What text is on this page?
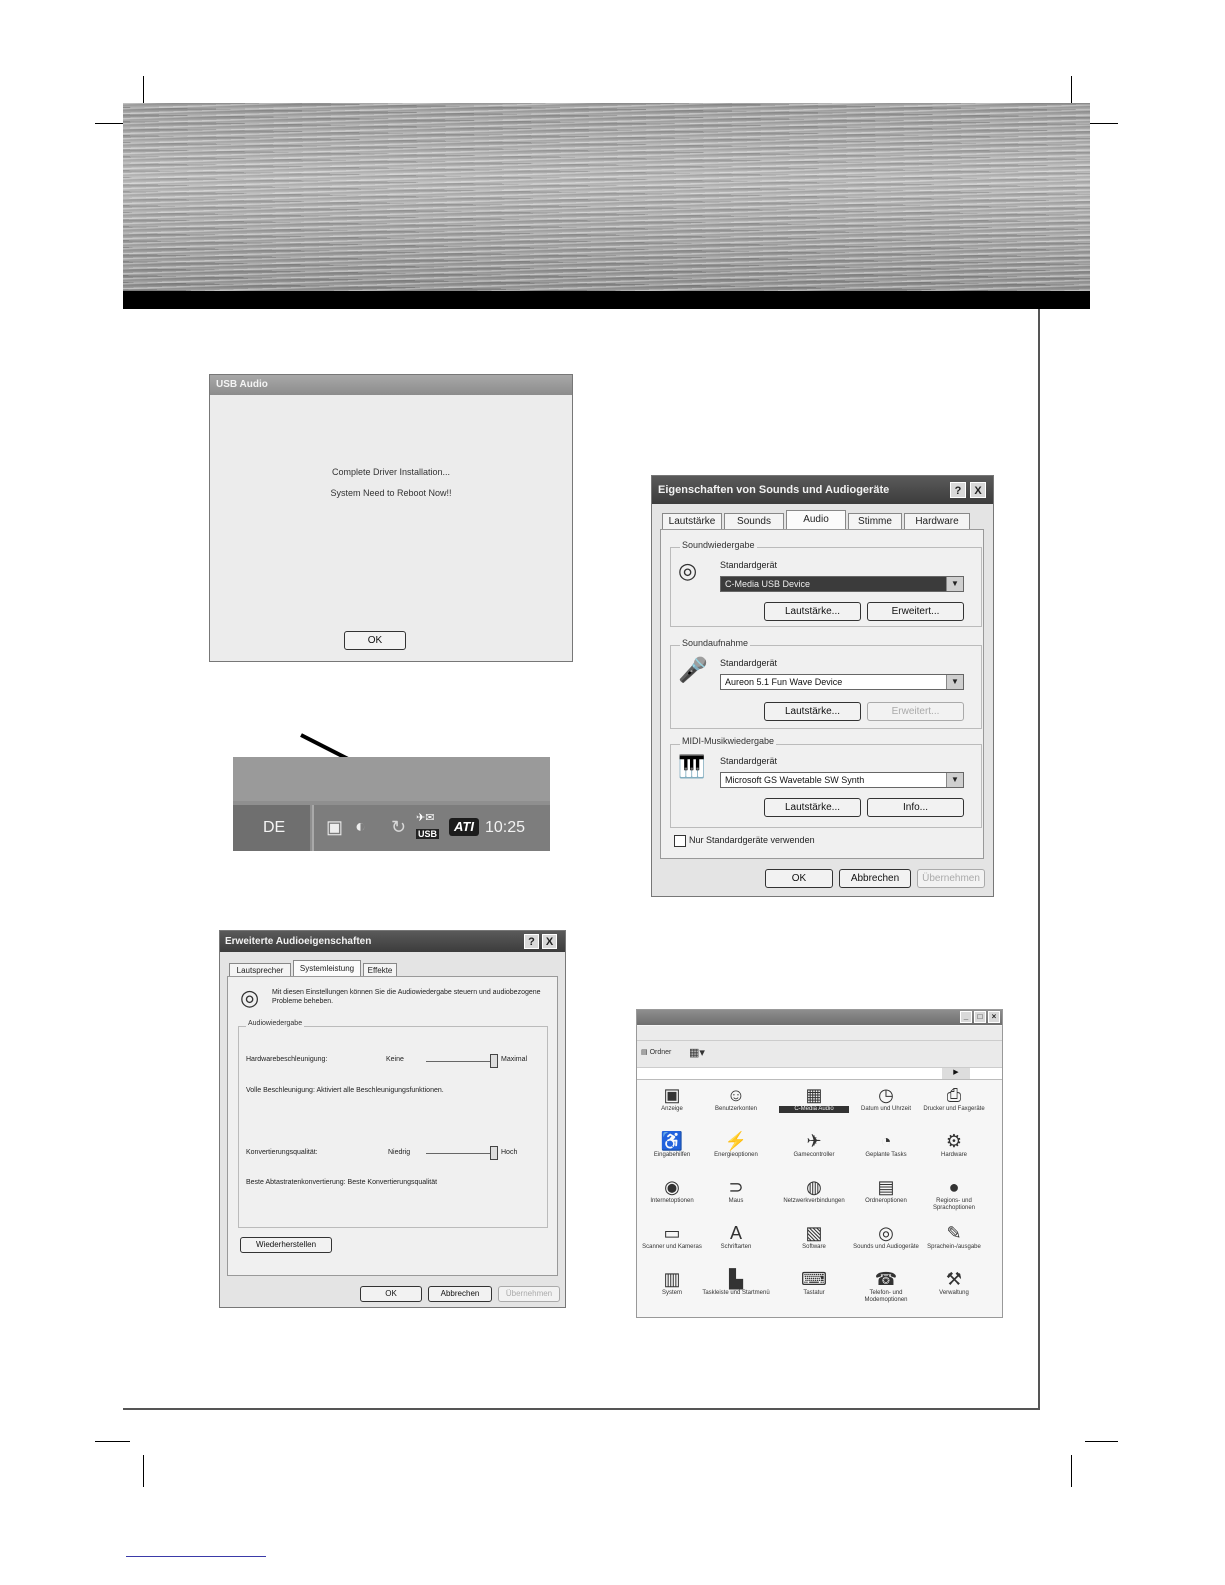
USB Audio
Complete Driver Installation...
System Need to Reboot Now!!
OK
DE ▣ ◐ ↻ ✈✉
USB	ATI 10:25
Eigenschaften von Sounds und Audiogeräte	?	X
Lautstärke	Sounds	Audio	Stimme	Hardware
Soundwiedergabe
◎	Standardgerät
C-Media USB Device	▼
Lautstärke...	Erweitert...
Soundaufnahme
🎤 Standardgerät
Aureon 5.1 Fun Wave Device	▼
Lautstärke...	Erweitert...
MIDI-Musikwiedergabe
🎹 Standardgerät
Microsoft GS Wavetable SW Synth	▼
Lautstärke...	Info...
Nur Standardgeräte verwenden
OK	Abbrechen	Übernehmen
Erweiterte Audioeigenschaften	? X
Lautsprecher	Systemleistung	Effekte
◎ Mit diesen Einstellungen können Sie die Audiowiedergabe steuern und audiobezogene Probleme beheben.
Audiowiedergabe
Hardwarebeschleunigung:	Keine	Maximal
Volle Beschleunigung: Aktiviert alle Beschleunigungsfunktionen.
Konvertierungsqualität:	Niedrig	Hoch
Beste Abtastratenkonvertierung: Beste Konvertierungsqualität
Wiederherstellen
OK	Abbrechen	Übernehmen
_	□	×
▤ Ordner ▦▾
▶
▣
Anzeige
☺
Benutzerkonten
▦
C-Media Audio
◷
Datum und Uhrzeit
⎙
Drucker und Faxgeräte
♿
Eingabehilfen
⚡
Energieoptionen
✈
Gamecontroller
◔
Geplante Tasks
⚙
Hardware
◉
Internetoptionen
⊃
Maus
◍
Netzwerkverbindungen
▤
Ordneroptionen
●
Regions- und Sprachoptionen
▭
Scanner und Kameras
A
Schriftarten
▧
Software
◎
Sounds und Audiogeräte
✎
Sprachein-/ausgabe
▥
System
▙
Taskleiste und Startmenü
⌨
Tastatur
☎
Telefon- und Modemoptionen
⚒
Verwaltung
